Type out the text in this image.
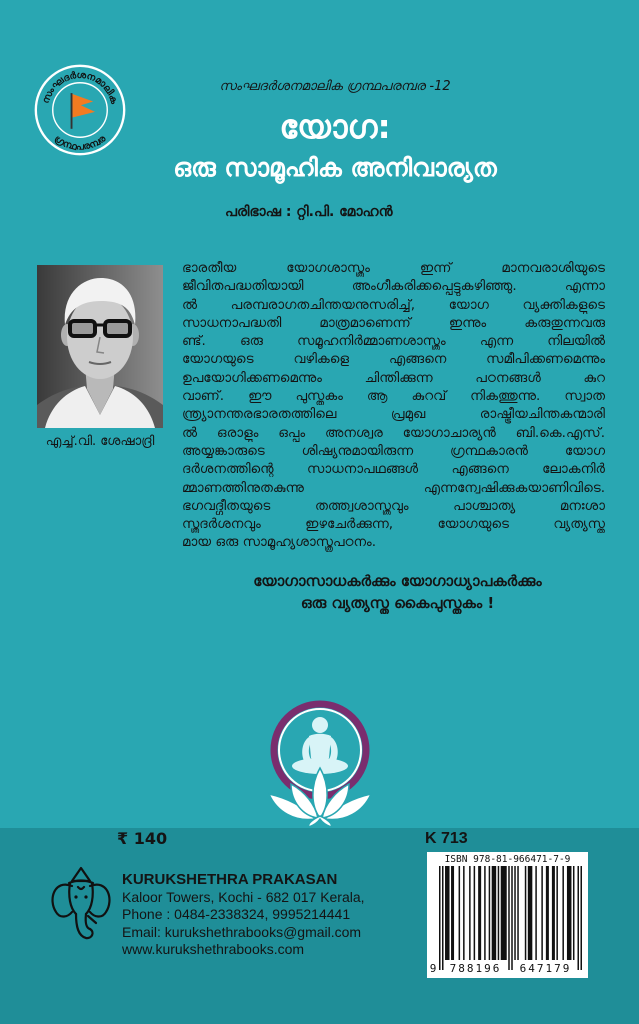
സംഘദർശനമാലിക
ഗ്രന്ഥപരമ്പര
സംഘദർശനമാലിക ഗ്രന്ഥപരമ്പര -12
യോഗ:
ഒരു സാമൂഹിക അനിവാര്യത
പരിഭാഷ : റ്റി.പി. മോഹൻ
എച്ച്.വി. ശേഷാദ്രി
ഭാരതീയ യോഗശാസ്ത്രം ഇന്ന് മാനവരാശിയുടെ
ജീവിതപദ്ധതിയായി അംഗീകരിക്കപ്പെട്ടുകഴിഞ്ഞു. എന്നാ
ൽ പരമ്പരാഗതചിന്തയനുസരിച്ച്, യോഗ വ്യക്തികളുടെ
സാധനാപദ്ധതി മാത്രമാണെന്ന് ഇന്നും കരുതുന്നവരു
ണ്ട്. ഒരു സമൂഹനിർമ്മാണശാസ്ത്രം എന്ന നിലയിൽ
യോഗയുടെ വഴികളെ എങ്ങനെ സമീപിക്കണമെന്നും
ഉപയോഗിക്കണമെന്നും ചിന്തിക്കുന്ന പഠനങ്ങൾ കുറ
വാണ്. ഈ പുസ്തകം ആ കുറവ് നികത്തുന്നു. സ്വാത
ന്ത്ര്യാനന്തരഭാരതത്തിലെ പ്രമുഖ രാഷ്ട്രീയചിന്തകന്മാരി
ൽ ഒരാളും ഒപ്പം അനശ്വര യോഗാചാര്യൻ ബി.കെ.എസ്.
അയ്യങ്കാരുടെ ശിഷ്യനുമായിരുന്ന ഗ്രന്ഥകാരൻ യോഗ
ദർശനത്തിന്റെ സാധനാപഥങ്ങൾ എങ്ങനെ ലോകനിർ
മ്മാണത്തിനുതകുന്നു എന്നന്വേഷിക്കുകയാണിവിടെ.
ഭഗവദ്ഗീതയുടെ തത്ത്വശാസ്ത്രവും പാശ്ചാത്യ മനഃശാ
സ്ത്രദർശനവും ഇഴചേർക്കുന്ന, യോഗയുടെ വ്യത്യസ്ത
മായ ഒരു സാമൂഹ്യശാസ്ത്രപഠനം.
യോഗാസാധകർക്കും യോഗാധ്യാപകർക്കും
ഒരു വ്യത്യസ്ത കൈപുസ്തകം !
₹ 140	K 713
KURUKSHETHRA PRAKASAN
Kaloor Towers, Kochi - 682 017 Kerala,
Phone : 0484-2338324, 9995214441
Email: kurukshethrabooks@gmail.com
www.kurukshethrabooks.com
ISBN 978-81-966471-7-9
9	788196	647179
